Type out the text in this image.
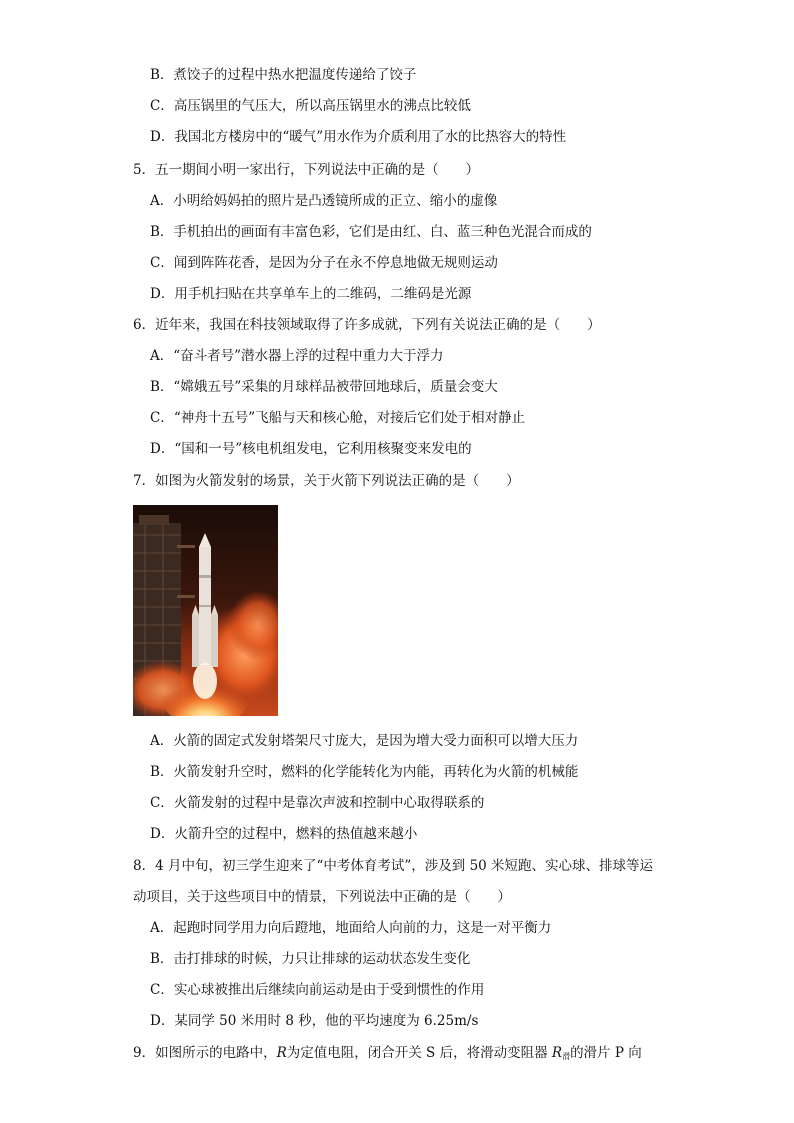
B．煮饺子的过程中热水把温度传递给了饺子
C．高压锅里的气压大，所以高压锅里水的沸点比较低
D．我国北方楼房中的“暖气”用水作为介质利用了水的比热容大的特性
5．五一期间小明一家出行，下列说法中正确的是（　　）
A．小明给妈妈拍的照片是凸透镜所成的正立、缩小的虚像
B．手机拍出的画面有丰富色彩，它们是由红、白、蓝三种色光混合而成的
C．闻到阵阵花香，是因为分子在永不停息地做无规则运动
D．用手机扫贴在共享单车上的二维码，二维码是光源
6．近年来，我国在科技领域取得了许多成就，下列有关说法正确的是（　　）
A．“奋斗者号”潜水器上浮的过程中重力大于浮力
B．“嫦娥五号”采集的月球样品被带回地球后，质量会变大
C．“神舟十五号”飞船与天和核心舱，对接后它们处于相对静止
D．“国和一号”核电机组发电，它利用核聚变来发电的
7．如图为火箭发射的场景，关于火箭下列说法正确的是（　　）
A．火箭的固定式发射塔架尺寸庞大，是因为增大受力面积可以增大压力
B．火箭发射升空时，燃料的化学能转化为内能，再转化为火箭的机械能
C．火箭发射的过程中是靠次声波和控制中心取得联系的
D．火箭升空的过程中，燃料的热值越来越小
8．4 月中旬，初三学生迎来了“中考体育考试”，涉及到 50 米短跑、实心球、排球等运
动项目，关于这些项目中的情景，下列说法中正确的是（　　）
A．起跑时同学用力向后蹬地，地面给人向前的力，这是一对平衡力
B．击打排球的时候，力只让排球的运动状态发生变化
C．实心球被推出后继续向前运动是由于受到惯性的作用
D．某同学 50 米用时 8 秒，他的平均速度为 6.25m/s
9．如图所示的电路中，R为定值电阻，闭合开关 S 后，将滑动变阻器 $R_滑$的滑片 P 向
